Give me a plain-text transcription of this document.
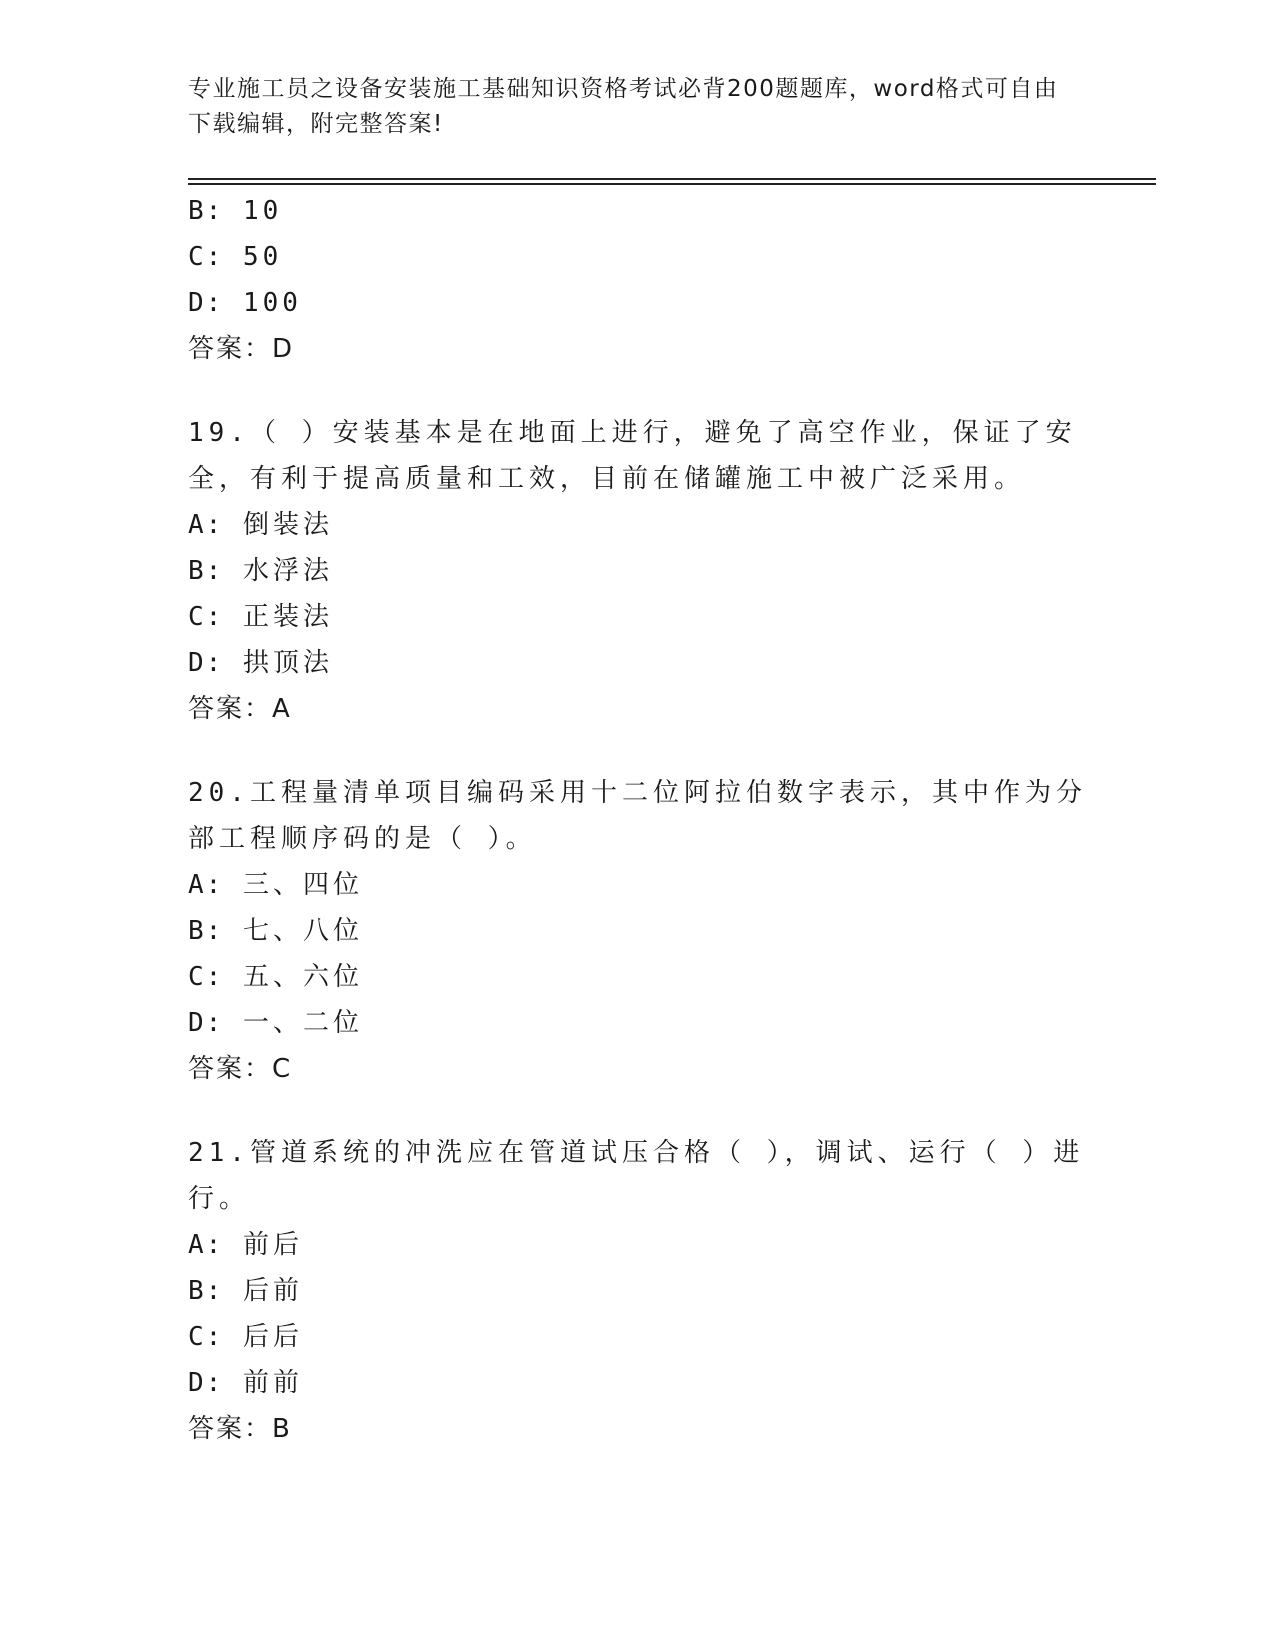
专业施工员之设备安装施工基础知识资格考试必背200题题库，word格式可自由下载编辑，附完整答案!

B: 10

C: 50

D: 100

答案：D

19.（ ）安装基本是在地面上进行，避免了高空作业，保证了安全，有利于提高质量和工效，目前在储罐施工中被广泛采用。

A: 倒装法

B: 水浮法

C: 正装法

D: 拱顶法

答案：A

20.工程量清单项目编码采用十二位阿拉伯数字表示，其中作为分部工程顺序码的是（ ）。

A: 三、四位

B: 七、八位

C: 五、六位

D: 一、二位

答案：C

21.管道系统的冲洗应在管道试压合格（ ），调试、运行（ ）进行。

A: 前后

B: 后前

C: 后后

D: 前前

答案：B
